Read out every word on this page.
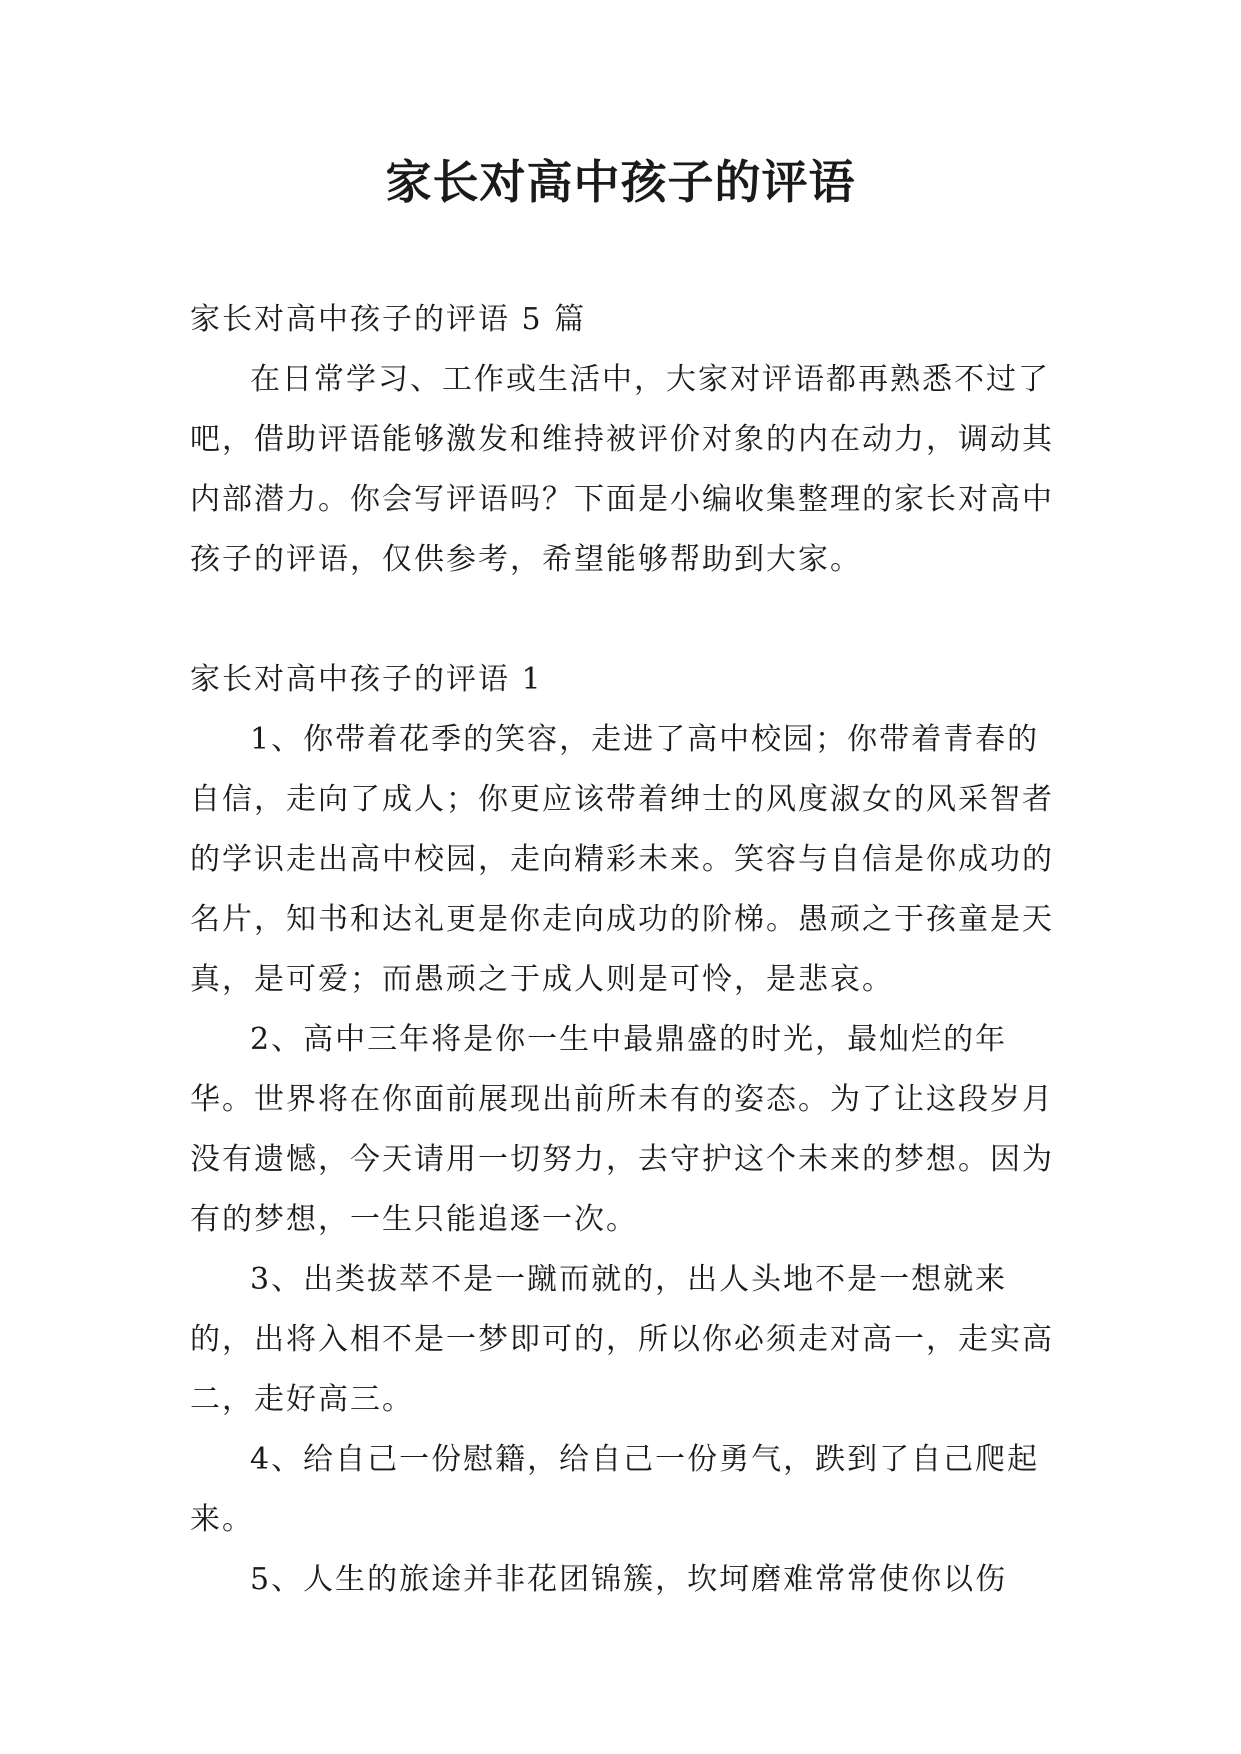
家长对高中孩子的评语

家长对高中孩子的评语 5 篇

在日常学习、工作或生活中，大家对评语都再熟悉不过了吧，借助评语能够激发和维持被评价对象的内在动力，调动其内部潜力。你会写评语吗？下面是小编收集整理的家长对高中孩子的评语，仅供参考，希望能够帮助到大家。

家长对高中孩子的评语 1

1、你带着花季的笑容，走进了高中校园；你带着青春的自信，走向了成人；你更应该带着绅士的风度淑女的风采智者的学识走出高中校园，走向精彩未来。笑容与自信是你成功的名片，知书和达礼更是你走向成功的阶梯。愚顽之于孩童是天真，是可爱；而愚顽之于成人则是可怜，是悲哀。

2、高中三年将是你一生中最鼎盛的时光，最灿烂的年华。世界将在你面前展现出前所未有的姿态。为了让这段岁月没有遗憾，今天请用一切努力，去守护这个未来的梦想。因为有的梦想，一生只能追逐一次。

3、出类拔萃不是一蹴而就的，出人头地不是一想就来的，出将入相不是一梦即可的，所以你必须走对高一，走实高二，走好高三。

4、给自己一份慰籍，给自己一份勇气，跌到了自己爬起来。

5、人生的旅途并非花团锦簇，坎坷磨难常常使你以伤
